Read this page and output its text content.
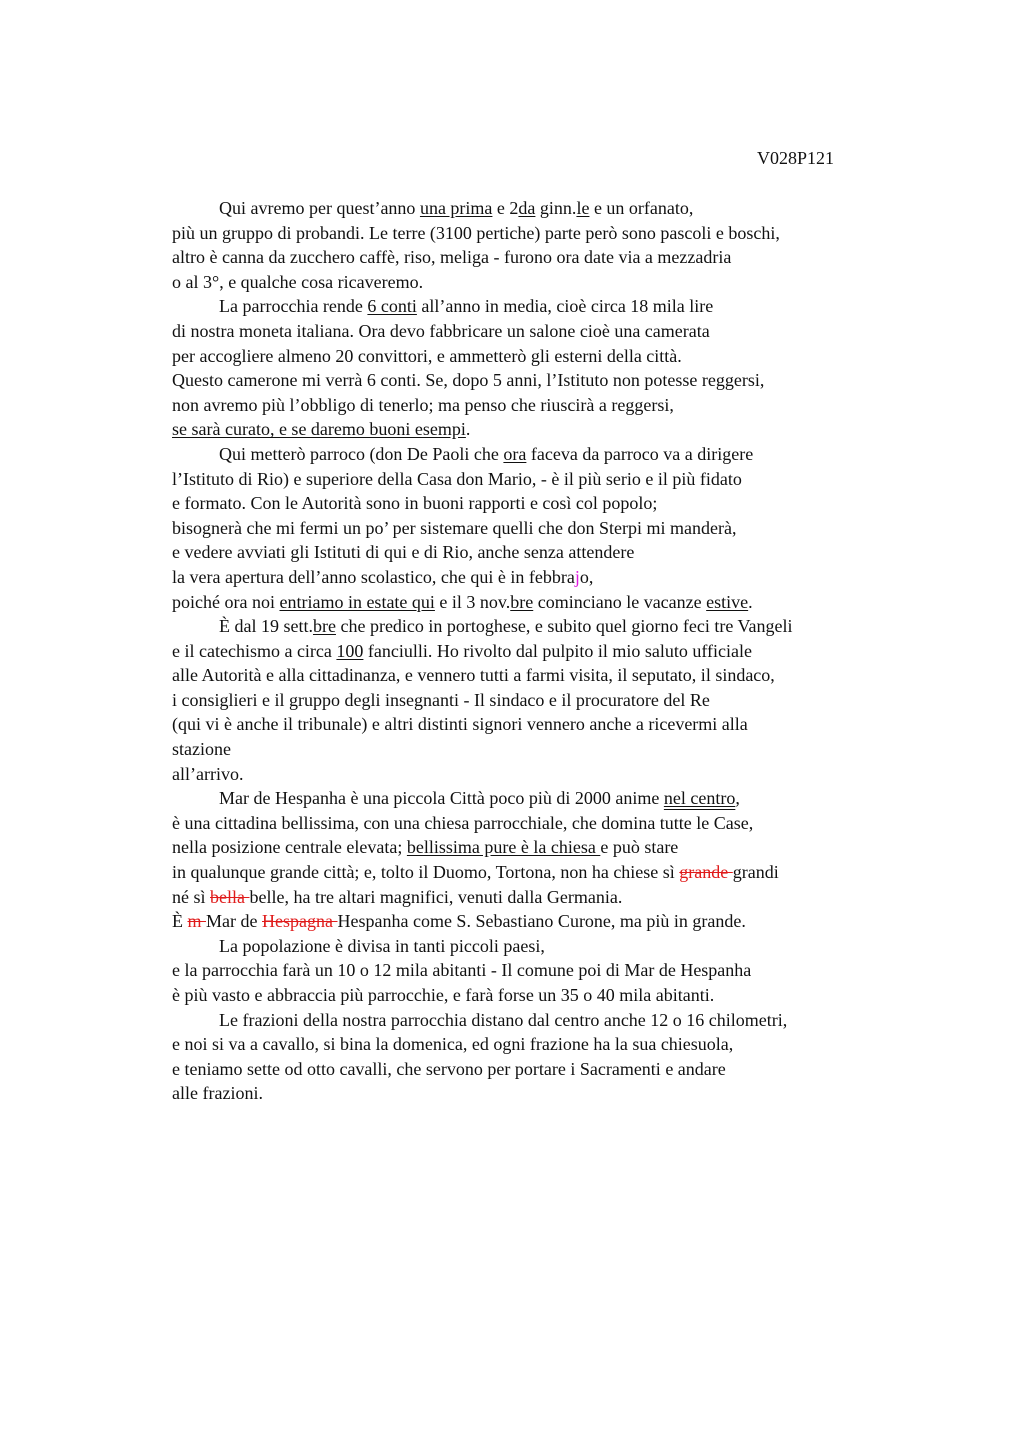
V028P121
Qui avremo per quest’anno una prima e 2da ginn.le e un orfanato,
più un gruppo di probandi. Le terre (3100 pertiche) parte però sono pascoli e boschi,
altro è canna da zucchero caffè, riso, meliga - furono ora date via a mezzadria
o al 3°, e qualche cosa ricaveremo.
La parrocchia rende 6 conti all’anno in media, cioè circa 18 mila lire
di nostra moneta italiana. Ora devo fabbricare un salone cioè una camerata
per accogliere almeno 20 convittori, e ammetterò gli esterni della città.
Questo camerone mi verrà 6 conti. Se, dopo 5 anni, l’Istituto non potesse reggersi,
non avremo più l’obbligo di tenerlo; ma penso che riuscirà a reggersi,
se sarà curato, e se daremo buoni esempi.
Qui metterò parroco (don De Paoli che ora faceva da parroco va a dirigere
l’Istituto di Rio) e superiore della Casa don Mario, - è il più serio e il più fidato
e formato. Con le Autorità sono in buoni rapporti e così col popolo;
bisognerà che mi fermi un po’ per sistemare quelli che don Sterpi mi manderà,
e vedere avviati gli Istituti di qui e di Rio, anche senza attendere
la vera apertura dell’anno scolastico, che qui è in febbrajo,
poiché ora noi entriamo in estate qui e il 3 nov.bre cominciano le vacanze estive.
È dal 19 sett.bre che predico in portoghese, e subito quel giorno feci tre Vangeli
e il catechismo a circa 100 fanciulli. Ho rivolto dal pulpito il mio saluto ufficiale
alle Autorità e alla cittadinanza, e vennero tutti a farmi visita, il seputato, il sindaco,
i consiglieri e il gruppo degli insegnanti - Il sindaco e il procuratore del Re
(qui vi è anche il tribunale) e altri distinti signori vennero anche a ricevermi alla
stazione
all’arrivo.
Mar de Hespanha è una piccola Città poco più di 2000 anime nel centro,
è una cittadina bellissima, con una chiesa parrocchiale, che domina tutte le Case,
nella posizione centrale elevata; bellissima pure è la chiesa e può stare
in qualunque grande città; e, tolto il Duomo, Tortona, non ha chiese sì grande grandi
né sì bella belle, ha tre altari magnifici, venuti dalla Germania.
È m Mar de Hespagna Hespanha come S. Sebastiano Curone, ma più in grande.
La popolazione è divisa in tanti piccoli paesi,
e la parrocchia farà un 10 o 12 mila abitanti - Il comune poi di Mar de Hespanha
è più vasto e abbraccia più parrocchie, e farà forse un 35 o 40 mila abitanti.
Le frazioni della nostra parrocchia distano dal centro anche 12 o 16 chilometri,
e noi si va a cavallo, si bina la domenica, ed ogni frazione ha la sua chiesuola,
e teniamo sette od otto cavalli, che servono per portare i Sacramenti e andare
alle frazioni.
